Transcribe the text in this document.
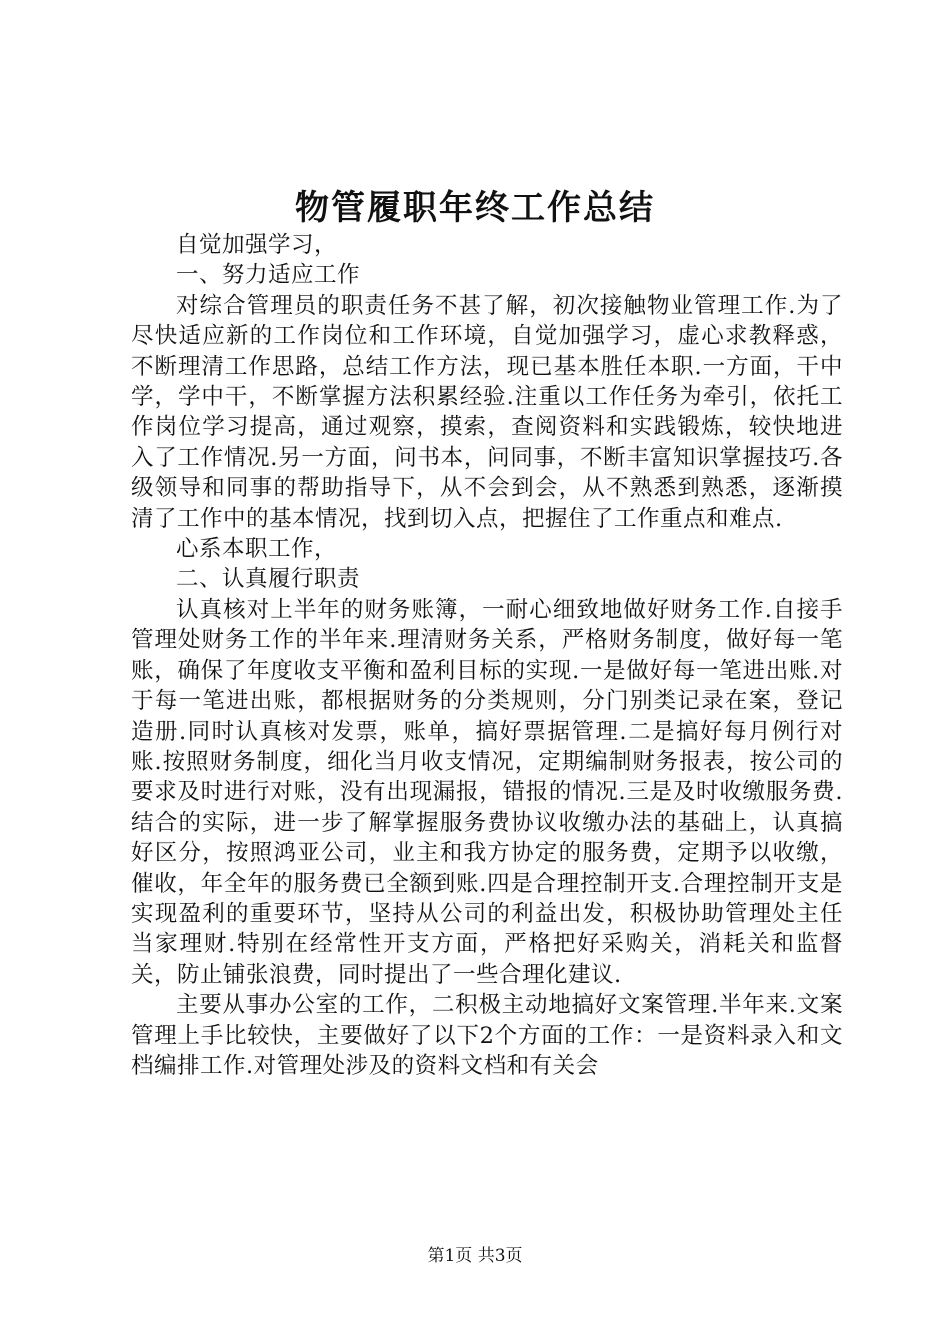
物管履职年终工作总结

自觉加强学习，

一、努力适应工作

对综合管理员的职责任务不甚了解，初次接触物业管理工作.为了尽快适应新的工作岗位和工作环境，自觉加强学习，虚心求教释惑，不断理清工作思路，总结工作方法，现已基本胜任本职.一方面，干中学，学中干，不断掌握方法积累经验.注重以工作任务为牵引，依托工作岗位学习提高，通过观察，摸索，查阅资料和实践锻炼，较快地进入了工作情况.另一方面，问书本，问同事，不断丰富知识掌握技巧.各级领导和同事的帮助指导下，从不会到会，从不熟悉到熟悉，逐渐摸清了工作中的基本情况，找到切入点，把握住了工作重点和难点.

心系本职工作，

二、认真履行职责

认真核对上半年的财务账簿，一耐心细致地做好财务工作.自接手管理处财务工作的半年来.理清财务关系，严格财务制度，做好每一笔账，确保了年度收支平衡和盈利目标的实现.一是做好每一笔进出账.对于每一笔进出账，都根据财务的分类规则，分门别类记录在案，登记造册.同时认真核对发票，账单，搞好票据管理.二是搞好每月例行对账.按照财务制度，细化当月收支情况，定期编制财务报表，按公司的要求及时进行对账，没有出现漏报，错报的情况.三是及时收缴服务费.结合的实际，进一步了解掌握服务费协议收缴办法的基础上，认真搞好区分，按照鸿亚公司，业主和我方协定的服务费，定期予以收缴，催收，年全年的服务费已全额到账.四是合理控制开支.合理控制开支是实现盈利的重要环节，坚持从公司的利益出发，积极协助管理处主任当家理财.特别在经常性开支方面，严格把好采购关，消耗关和监督关，防止铺张浪费，同时提出了一些合理化建议.

主要从事办公室的工作，二积极主动地搞好文案管理.半年来.文案管理上手比较快，主要做好了以下2个方面的工作：一是资料录入和文档编排工作.对管理处涉及的资料文档和有关会

第1页 共3页
